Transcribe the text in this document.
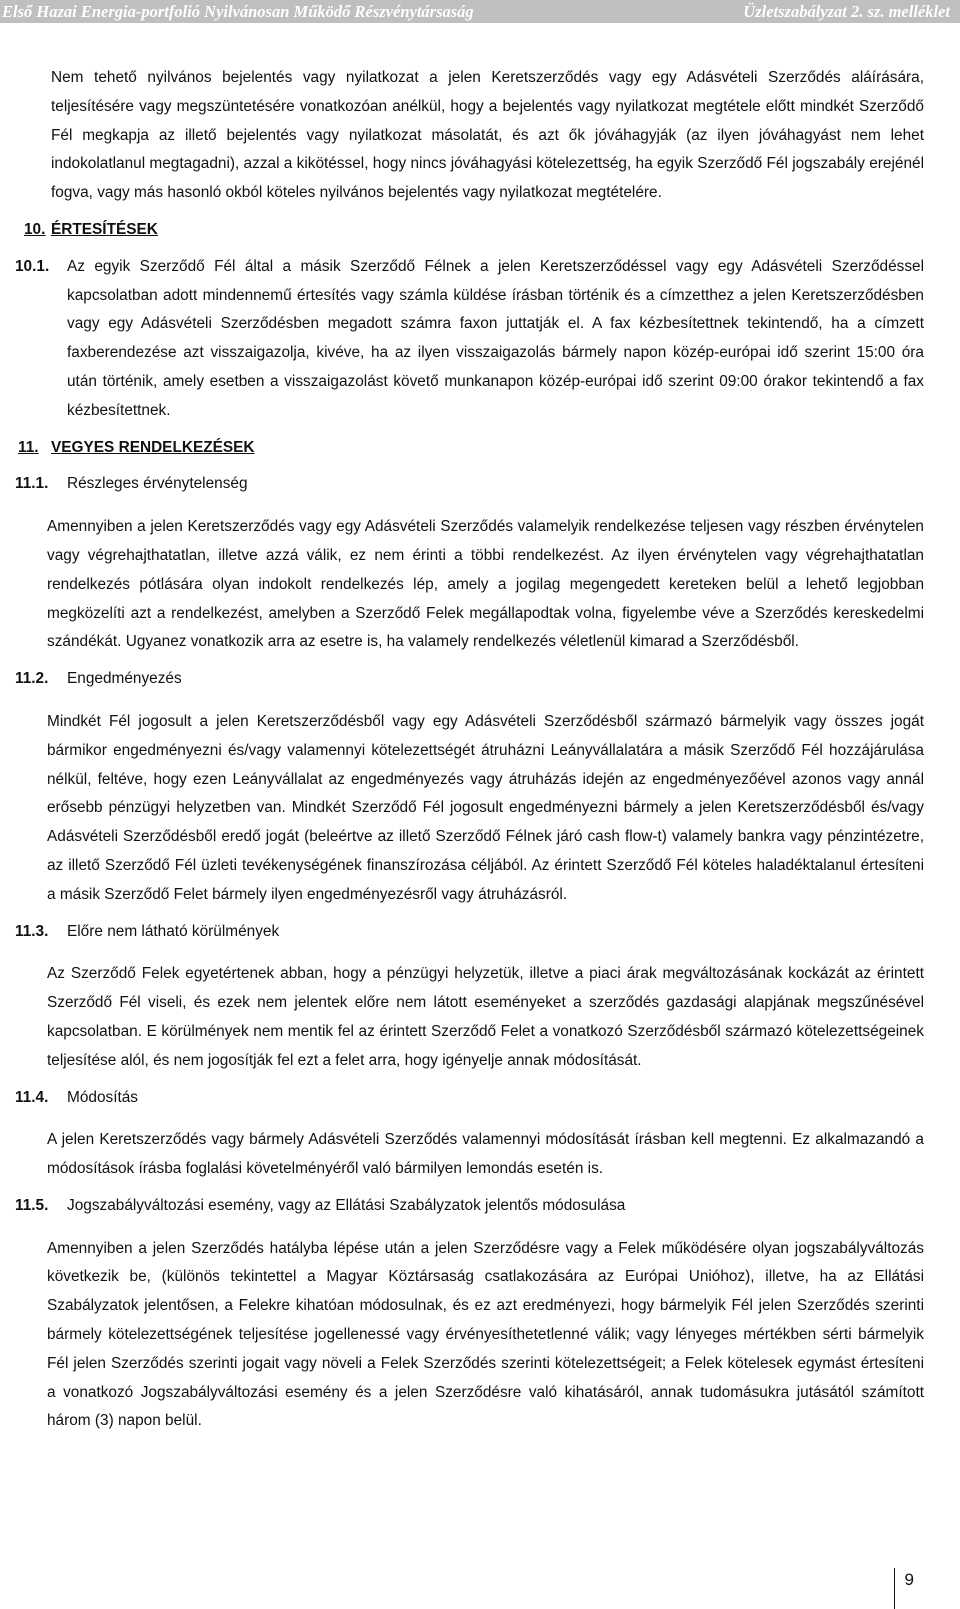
Első Hazai Energia-portfolió Nyilvánosan Működő Részvénytársaság	Üzletszabályzat 2. sz. melléklet

Nem tehető nyilvános bejelentés vagy nyilatkozat a jelen Keretszerződés vagy egy Adásvételi Szerződés aláírására, teljesítésére vagy megszüntetésére vonatkozóan anélkül, hogy a bejelentés vagy nyilatkozat megtétele előtt mindkét Szerződő Fél megkapja az illető bejelentés vagy nyilatkozat másolatát, és azt ők jóváhagyják (az ilyen jóváhagyást nem lehet indokolatlanul megtagadni), azzal a kikötéssel, hogy nincs jóváhagyási kötelezettség, ha egyik Szerződő Fél jogszabály erejénél fogva, vagy más hasonló okból köteles nyilvános bejelentés vagy nyilatkozat megtételére.

10. ÉRTESÍTÉSEK
10.1.	Az egyik Szerződő Fél által a másik Szerződő Félnek a jelen Keretszerződéssel vagy egy Adásvételi Szerződéssel kapcsolatban adott mindennemű értesítés vagy számla küldése írásban történik és a címzetthez a jelen Keretszerződésben vagy egy Adásvételi Szerződésben megadott számra faxon juttatják el. A fax kézbesítettnek tekintendő, ha a címzett faxberendezése azt visszaigazolja, kivéve, ha az ilyen visszaigazolás bármely napon közép-európai idő szerint 15:00 óra után történik, amely esetben a visszaigazolást követő munkanapon közép-európai idő szerint 09:00 órakor tekintendő a fax kézbesítettnek.

11. VEGYES RENDELKEZÉSEK
11.1.	Részleges érvénytelenség

Amennyiben a jelen Keretszerződés vagy egy Adásvételi Szerződés valamelyik rendelkezése teljesen vagy részben érvénytelen vagy végrehajthatatlan, illetve azzá válik, ez nem érinti a többi rendelkezést. Az ilyen érvénytelen vagy végrehajthatatlan rendelkezés pótlására olyan indokolt rendelkezés lép, amely a jogilag megengedett kereteken belül a lehető legjobban megközelíti azt a rendelkezést, amelyben a Szerződő Felek megállapodtak volna, figyelembe véve a Szerződés kereskedelmi szándékát. Ugyanez vonatkozik arra az esetre is, ha valamely rendelkezés véletlenül kimarad a Szerződésből.

11.2.	Engedményezés

Mindkét Fél jogosult a jelen Keretszerződésből vagy egy Adásvételi Szerződésből származó bármelyik vagy összes jogát bármikor engedményezni és/vagy valamennyi kötelezettségét átruházni Leányvállalatára a másik Szerződő Fél hozzájárulása nélkül, feltéve, hogy ezen Leányvállalat az engedményezés vagy átruházás idején az engedményezőével azonos vagy annál erősebb pénzügyi helyzetben van. Mindkét Szerződő Fél jogosult engedményezni bármely a jelen Keretszerződésből és/vagy Adásvételi Szerződésből eredő jogát (beleértve az illető Szerződő Félnek járó cash flow-t) valamely bankra vagy pénzintézetre, az illető Szerződő Fél üzleti tevékenységének finanszírozása céljából. Az érintett Szerződő Fél köteles haladéktalanul értesíteni a másik Szerződő Felet bármely ilyen engedményezésről vagy átruházásról.

11.3.	Előre nem látható körülmények

Az Szerződő Felek egyetértenek abban, hogy a pénzügyi helyzetük, illetve a piaci árak megváltozásának kockázát az érintett Szerződő Fél viseli, és ezek nem jelentek előre nem látott eseményeket a szerződés gazdasági alapjának megszűnésével kapcsolatban. E körülmények nem mentik fel az érintett Szerződő Felet a vonatkozó Szerződésből származó kötelezettségeinek teljesítése alól, és nem jogosítják fel ezt a felet arra, hogy igényelje annak módosítását.

11.4.	Módosítás

A jelen Keretszerződés vagy bármely Adásvételi Szerződés valamennyi módosítását írásban kell megtenni. Ez alkalmazandó a módosítások írásba foglalási követelményéről való bármilyen lemondás esetén is.

11.5.	Jogszabályváltozási esemény, vagy az Ellátási Szabályzatok jelentős módosulása

Amennyiben a jelen Szerződés hatályba lépése után a jelen Szerződésre vagy a Felek működésére olyan jogszabályváltozás következik be, (különös tekintettel a Magyar Köztársaság csatlakozására az Európai Unióhoz), illetve, ha az Ellátási Szabályzatok jelentősen, a Felekre kihatóan módosulnak, és ez azt eredményezi, hogy bármelyik Fél jelen Szerződés szerinti bármely kötelezettségének teljesítése jogellenessé vagy érvényesíthetetlenné válik; vagy lényeges mértékben sérti bármelyik Fél jelen Szerződés szerinti jogait vagy növeli a Felek Szerződés szerinti kötelezettségeit; a Felek kötelesek egymást értesíteni a vonatkozó Jogszabályváltozási esemény és a jelen Szerződésre való kihatásáról, annak tudomásukra jutásától számított három (3) napon belül.

9
